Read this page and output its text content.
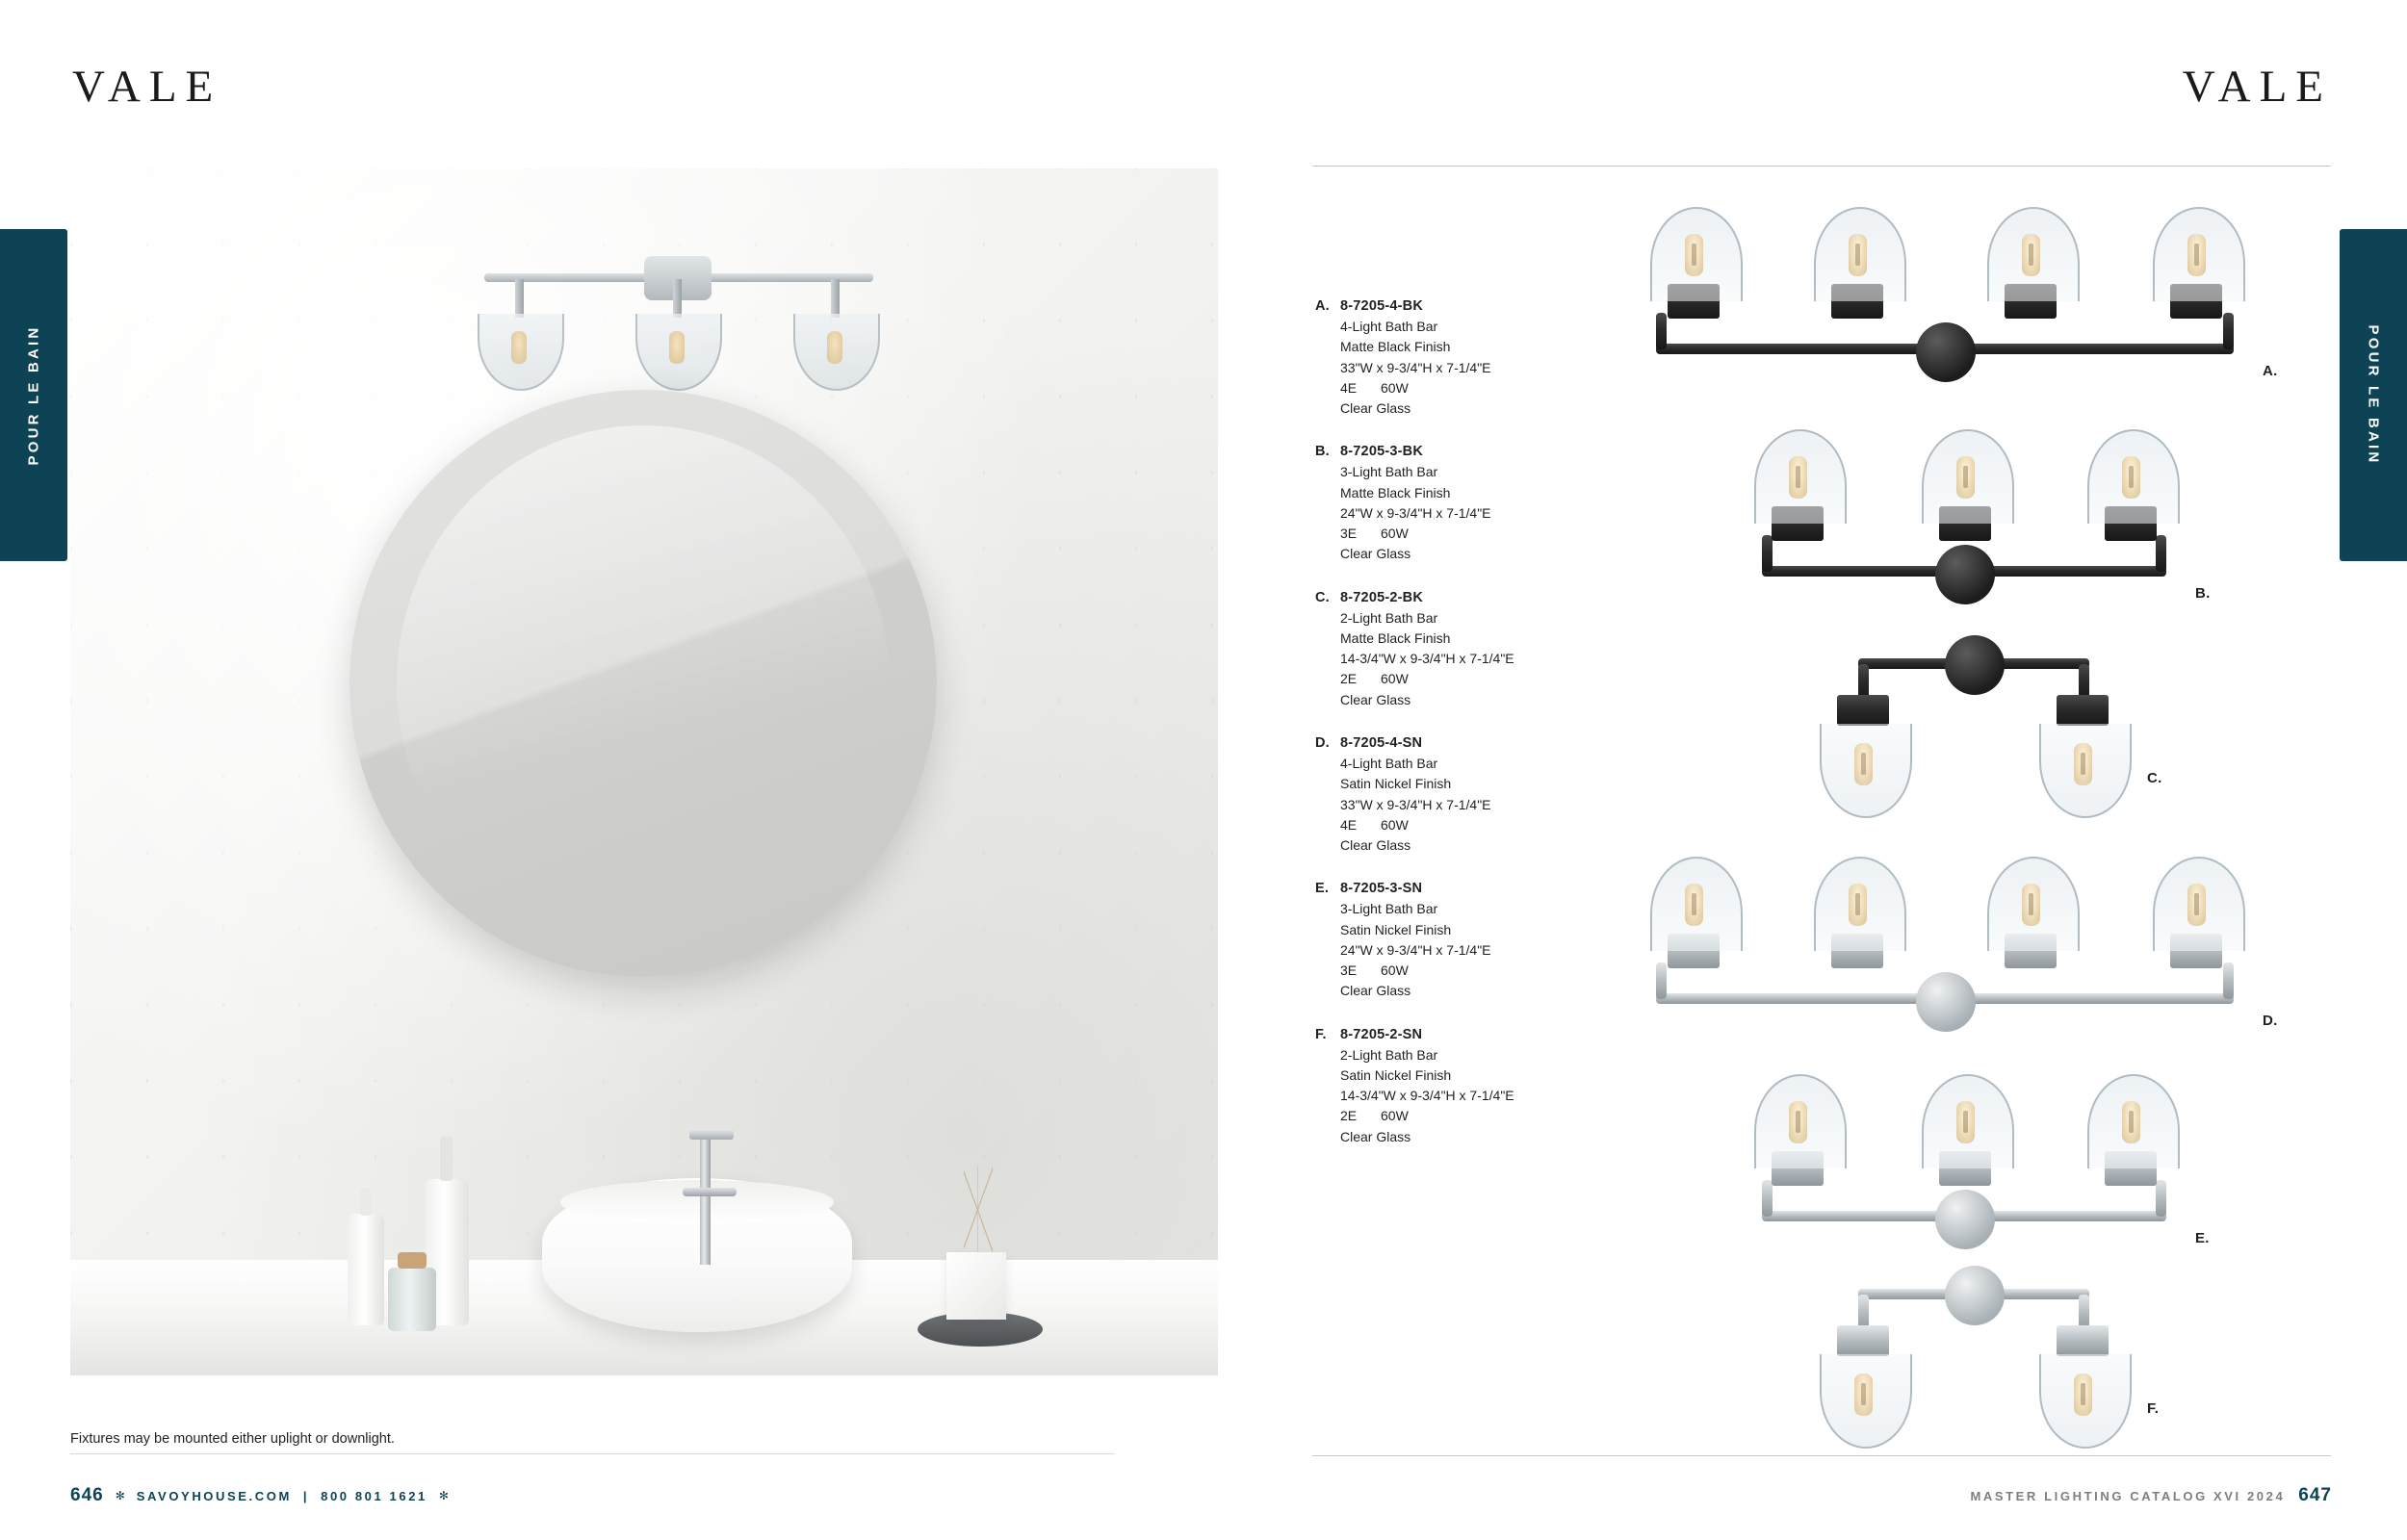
VALE
POUR LE BAIN
Fixtures may be mounted either uplight or downlight.
646 ✻ SAVOYHOUSE.COM | 800 801 1621 ✻
VALE
POUR LE BAIN
A. 8-7205-4-BK
4-Light Bath Bar
Matte Black Finish
33"W x 9-3/4"H x 7-1/4"E
4E	60W
Clear Glass
B. 8-7205-3-BK
3-Light Bath Bar
Matte Black Finish
24"W x 9-3/4"H x 7-1/4"E
3E	60W
Clear Glass
C. 8-7205-2-BK
2-Light Bath Bar
Matte Black Finish
14-3/4"W x 9-3/4"H x 7-1/4"E
2E	60W
Clear Glass
D. 8-7205-4-SN
4-Light Bath Bar
Satin Nickel Finish
33"W x 9-3/4"H x 7-1/4"E
4E	60W
Clear Glass
E. 8-7205-3-SN
3-Light Bath Bar
Satin Nickel Finish
24"W x 9-3/4"H x 7-1/4"E
3E	60W
Clear Glass
F. 8-7205-2-SN
2-Light Bath Bar
Satin Nickel Finish
14-3/4"W x 9-3/4"H x 7-1/4"E
2E	60W
Clear Glass
A.
B.
C.
D.
E.
F.
MASTER LIGHTING CATALOG XVI 2024 647
